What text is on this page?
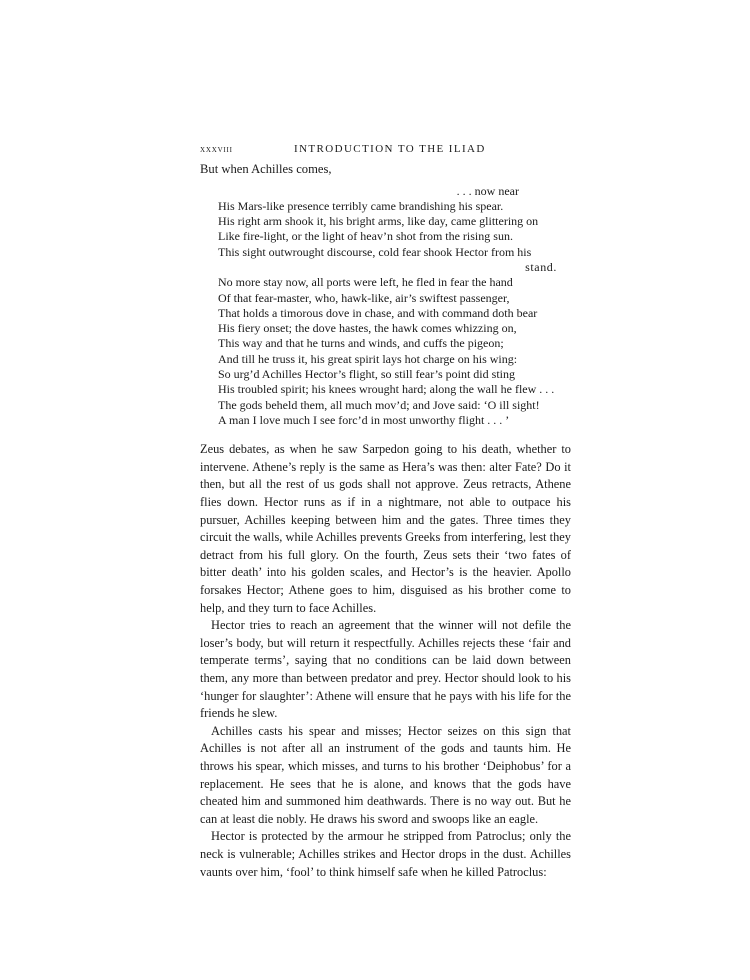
xxxviii	INTRODUCTION TO THE ILIAD

But when Achilles comes,

. . . now near
His Mars-like presence terribly came brandishing his spear.
His right arm shook it, his bright arms, like day, came glittering on
Like fire-light, or the light of heav’n shot from the rising sun.
This sight outwrought discourse, cold fear shook Hector from his
stand.
No more stay now, all ports were left, he fled in fear the hand
Of that fear-master, who, hawk-like, air’s swiftest passenger,
That holds a timorous dove in chase, and with command doth bear
His fiery onset; the dove hastes, the hawk comes whizzing on,
This way and that he turns and winds, and cuffs the pigeon;
And till he truss it, his great spirit lays hot charge on his wing:
So urg’d Achilles Hector’s flight, so still fear’s point did sting
His troubled spirit; his knees wrought hard; along the wall he flew . . .
The gods beheld them, all much mov’d; and Jove said: ‘O ill sight!
A man I love much I see forc’d in most unworthy flight . . . ’

Zeus debates, as when he saw Sarpedon going to his death, whether to intervene. Athene’s reply is the same as Hera’s was then: alter Fate? Do it then, but all the rest of us gods shall not approve. Zeus retracts, Athene flies down. Hector runs as if in a nightmare, not able to outpace his pursuer, Achilles keeping between him and the gates. Three times they circuit the walls, while Achilles prevents Greeks from interfering, lest they detract from his full glory. On the fourth, Zeus sets their ‘two fates of bitter death’ into his golden scales, and Hector’s is the heavier. Apollo forsakes Hector; Athene goes to him, disguised as his brother come to help, and they turn to face Achilles.

Hector tries to reach an agreement that the winner will not defile the loser’s body, but will return it respectfully. Achilles rejects these ‘fair and temperate terms’, saying that no conditions can be laid down between them, any more than between predator and prey. Hector should look to his ‘hunger for slaughter’: Athene will ensure that he pays with his life for the friends he slew.

Achilles casts his spear and misses; Hector seizes on this sign that Achilles is not after all an instrument of the gods and taunts him. He throws his spear, which misses, and turns to his brother ‘Deiphobus’ for a replacement. He sees that he is alone, and knows that the gods have cheated him and summoned him deathwards. There is no way out. But he can at least die nobly. He draws his sword and swoops like an eagle.

Hector is protected by the armour he stripped from Patroclus; only the neck is vulnerable; Achilles strikes and Hector drops in the dust. Achilles vaunts over him, ‘fool’ to think himself safe when he killed Patroclus:
